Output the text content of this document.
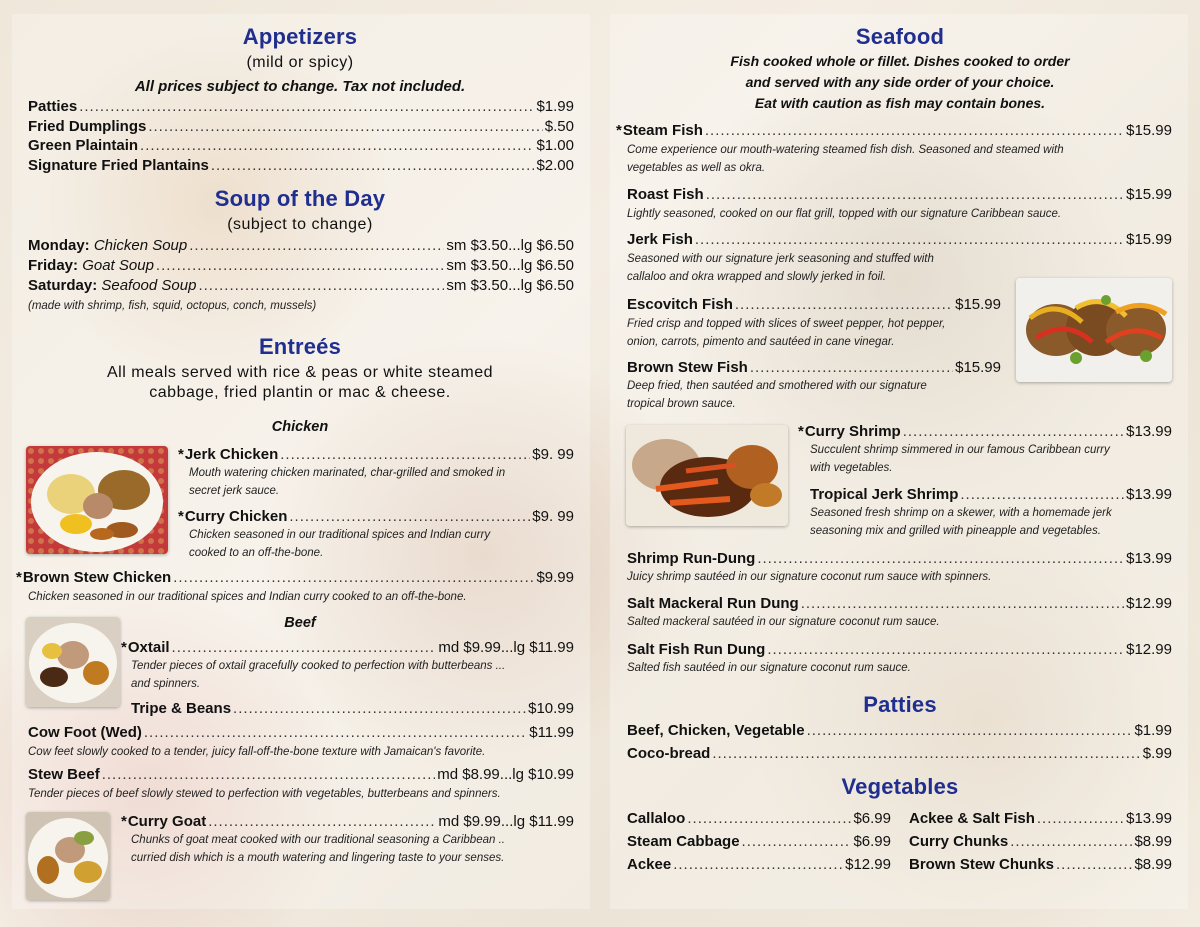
Appetizers
(mild or spicy)
All prices subject to change. Tax not included.
Patties .....	$1.99
Fried Dumplings .....	$.50
Green Plaintain .....	$1.00
Signature Fried Plantains .....	$2.00
Soup of the Day
(subject to change)
Monday: Chicken Soup .....	sm $3.50...lg $6.50
Friday: Goat Soup .....	sm $3.50...lg $6.50
Saturday: Seafood Soup .....	sm $3.50...lg $6.50
(made with shrimp, fish, squid, octopus, conch, mussels)
Entreés
All meals served with rice & peas or white steamed
cabbage, fried plantin or mac & cheese.
Chicken
*Jerk Chicken .....	$9. 99
Mouth watering chicken marinated, char-grilled and smoked in
secret jerk sauce.
*Curry Chicken .....	$9. 99
Chicken seasoned in our traditional spices and Indian curry
cooked to an off-the-bone.
*Brown Stew Chicken .....	$9.99
Chicken seasoned in our traditional spices and Indian curry cooked to an off-the-bone.
Beef
*Oxtail .....	md $9.99...lg $11.99
Tender pieces of oxtail gracefully cooked to perfection with butterbeans ...
and spinners.
Tripe & Beans .....	$10.99
Cow Foot (Wed) .....	$11.99
Cow feet slowly cooked to a tender, juicy fall-off-the-bone texture with Jamaican's favorite.
Stew Beef .....	md $8.99...lg $10.99
Tender pieces of beef slowly stewed to perfection with vegetables, butterbeans and spinners.
*Curry Goat .....	md $9.99...lg $11.99
Chunks of goat meat cooked with our traditional seasoning a Caribbean ..
curried dish which is a mouth watering and lingering taste to your senses.
Seafood
Fish cooked whole or fillet. Dishes cooked to order
and served with any side order of your choice.
Eat with caution as fish may contain bones.
*Steam Fish .....	$15.99
Come experience our mouth-watering steamed fish dish. Seasoned and steamed with
vegetables as well as okra.
Roast Fish .....	$15.99
Lightly seasoned, cooked on our flat grill, topped with our signature Caribbean sauce.
Jerk Fish .....	$15.99
Seasoned with our signature jerk seasoning and stuffed with
callaloo and okra wrapped and slowly jerked in foil.
Escovitch Fish .....	$15.99
Fried crisp and topped with slices of sweet pepper, hot pepper,
onion, carrots, pimento and sautéed in cane vinegar.
Brown Stew Fish .....	$15.99
Deep fried, then sautéed and smothered with our signature
tropical brown sauce.
*Curry Shrimp .....	$13.99
Succulent shrimp simmered in our famous Caribbean curry
with vegetables.
Tropical Jerk Shrimp .....	$13.99
Seasoned fresh shrimp on a skewer, with a homemade jerk
seasoning mix and grilled with pineapple and vegetables.
Shrimp Run-Dung .....	$13.99
Juicy shrimp sautéed in our signature coconut rum sauce with spinners.
Salt Mackeral Run Dung .....	$12.99
Salted mackeral sautéed in our signature coconut rum sauce.
Salt Fish Run Dung .....	$12.99
Salted fish sautéed in our signature coconut rum sauce.
Patties
Beef, Chicken, Vegetable .....	$1.99
Coco-bread .....	$.99
Vegetables
Callaloo .....	$6.99
Steam Cabbage .....	$6.99
Ackee .....	$12.99
Ackee & Salt Fish .....	$13.99
Curry Chunks .....	$8.99
Brown Stew Chunks .....	$8.99
